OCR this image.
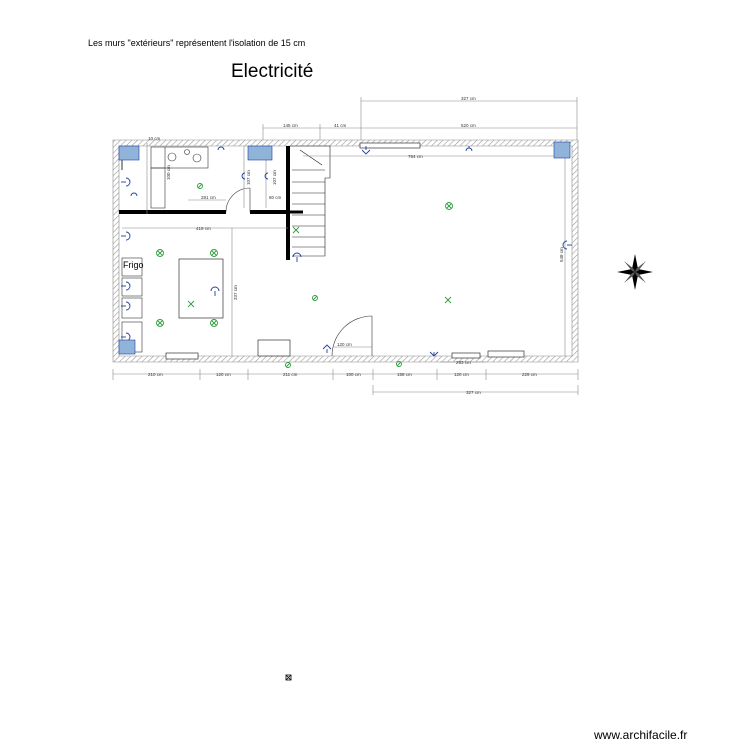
Les murs "extérieurs" représentent l'isolation de 15 cm
Electricité
www.archifacile.fr
Frigo
327 cm
145 cm	41 cm	520 cm
10 cm
764 cm
418 cm
281 cm	80 cm
100 cm	107 cm	107 cm
337 cm
548 cm
120 cm
210 cm	120 cm	211 cm	100 cm	158 cm	120 cm	229 cm
293 cm
327 cm
